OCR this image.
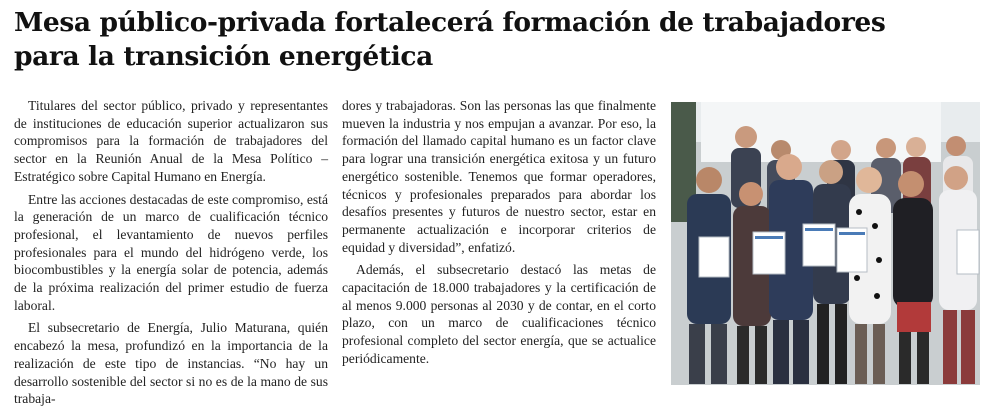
Mesa público-privada fortalecerá formación de trabajadores
para la transición energética

Titulares del sector público, privado y representantes de instituciones de educación superior actualizaron sus compromisos para la formación de trabajadores del sector en la Reunión Anual de la Mesa Político – Estratégico sobre Capital Humano en Energía.

Entre las acciones destacadas de este compromiso, está la generación de un marco de cualificación técnico profesional, el levantamiento de nuevos perfiles profesionales para el mundo del hidrógeno verde, los biocombustibles y la energía solar de potencia, además de la próxima realización del primer estudio de fuerza laboral.

El subsecretario de Energía, Julio Maturana, quién encabezó la mesa, profundizó en la importancia de la realización de este tipo de instancias. “No hay un desarrollo sostenible del sector si no es de la mano de sus trabaja-

dores y trabajadoras. Son las personas las que finalmente mueven la industria y nos empujan a avanzar. Por eso, la formación del llamado capital humano es un factor clave para lograr una transición energética exitosa y un futuro energético sostenible. Tenemos que formar operadores, técnicos y profesionales preparados para abordar los desafíos presentes y futuros de nuestro sector, estar en permanente actualización e incorporar criterios de equidad y diversidad”, enfatizó.

Además, el subsecretario destacó las metas de capacitación de 18.000 trabajadores y la certificación de al menos 9.000 personas al 2030 y de contar, en el corto plazo, con un marco de cualificaciones técnico profesional completo del sector energía, que se actualice periódicamente.
